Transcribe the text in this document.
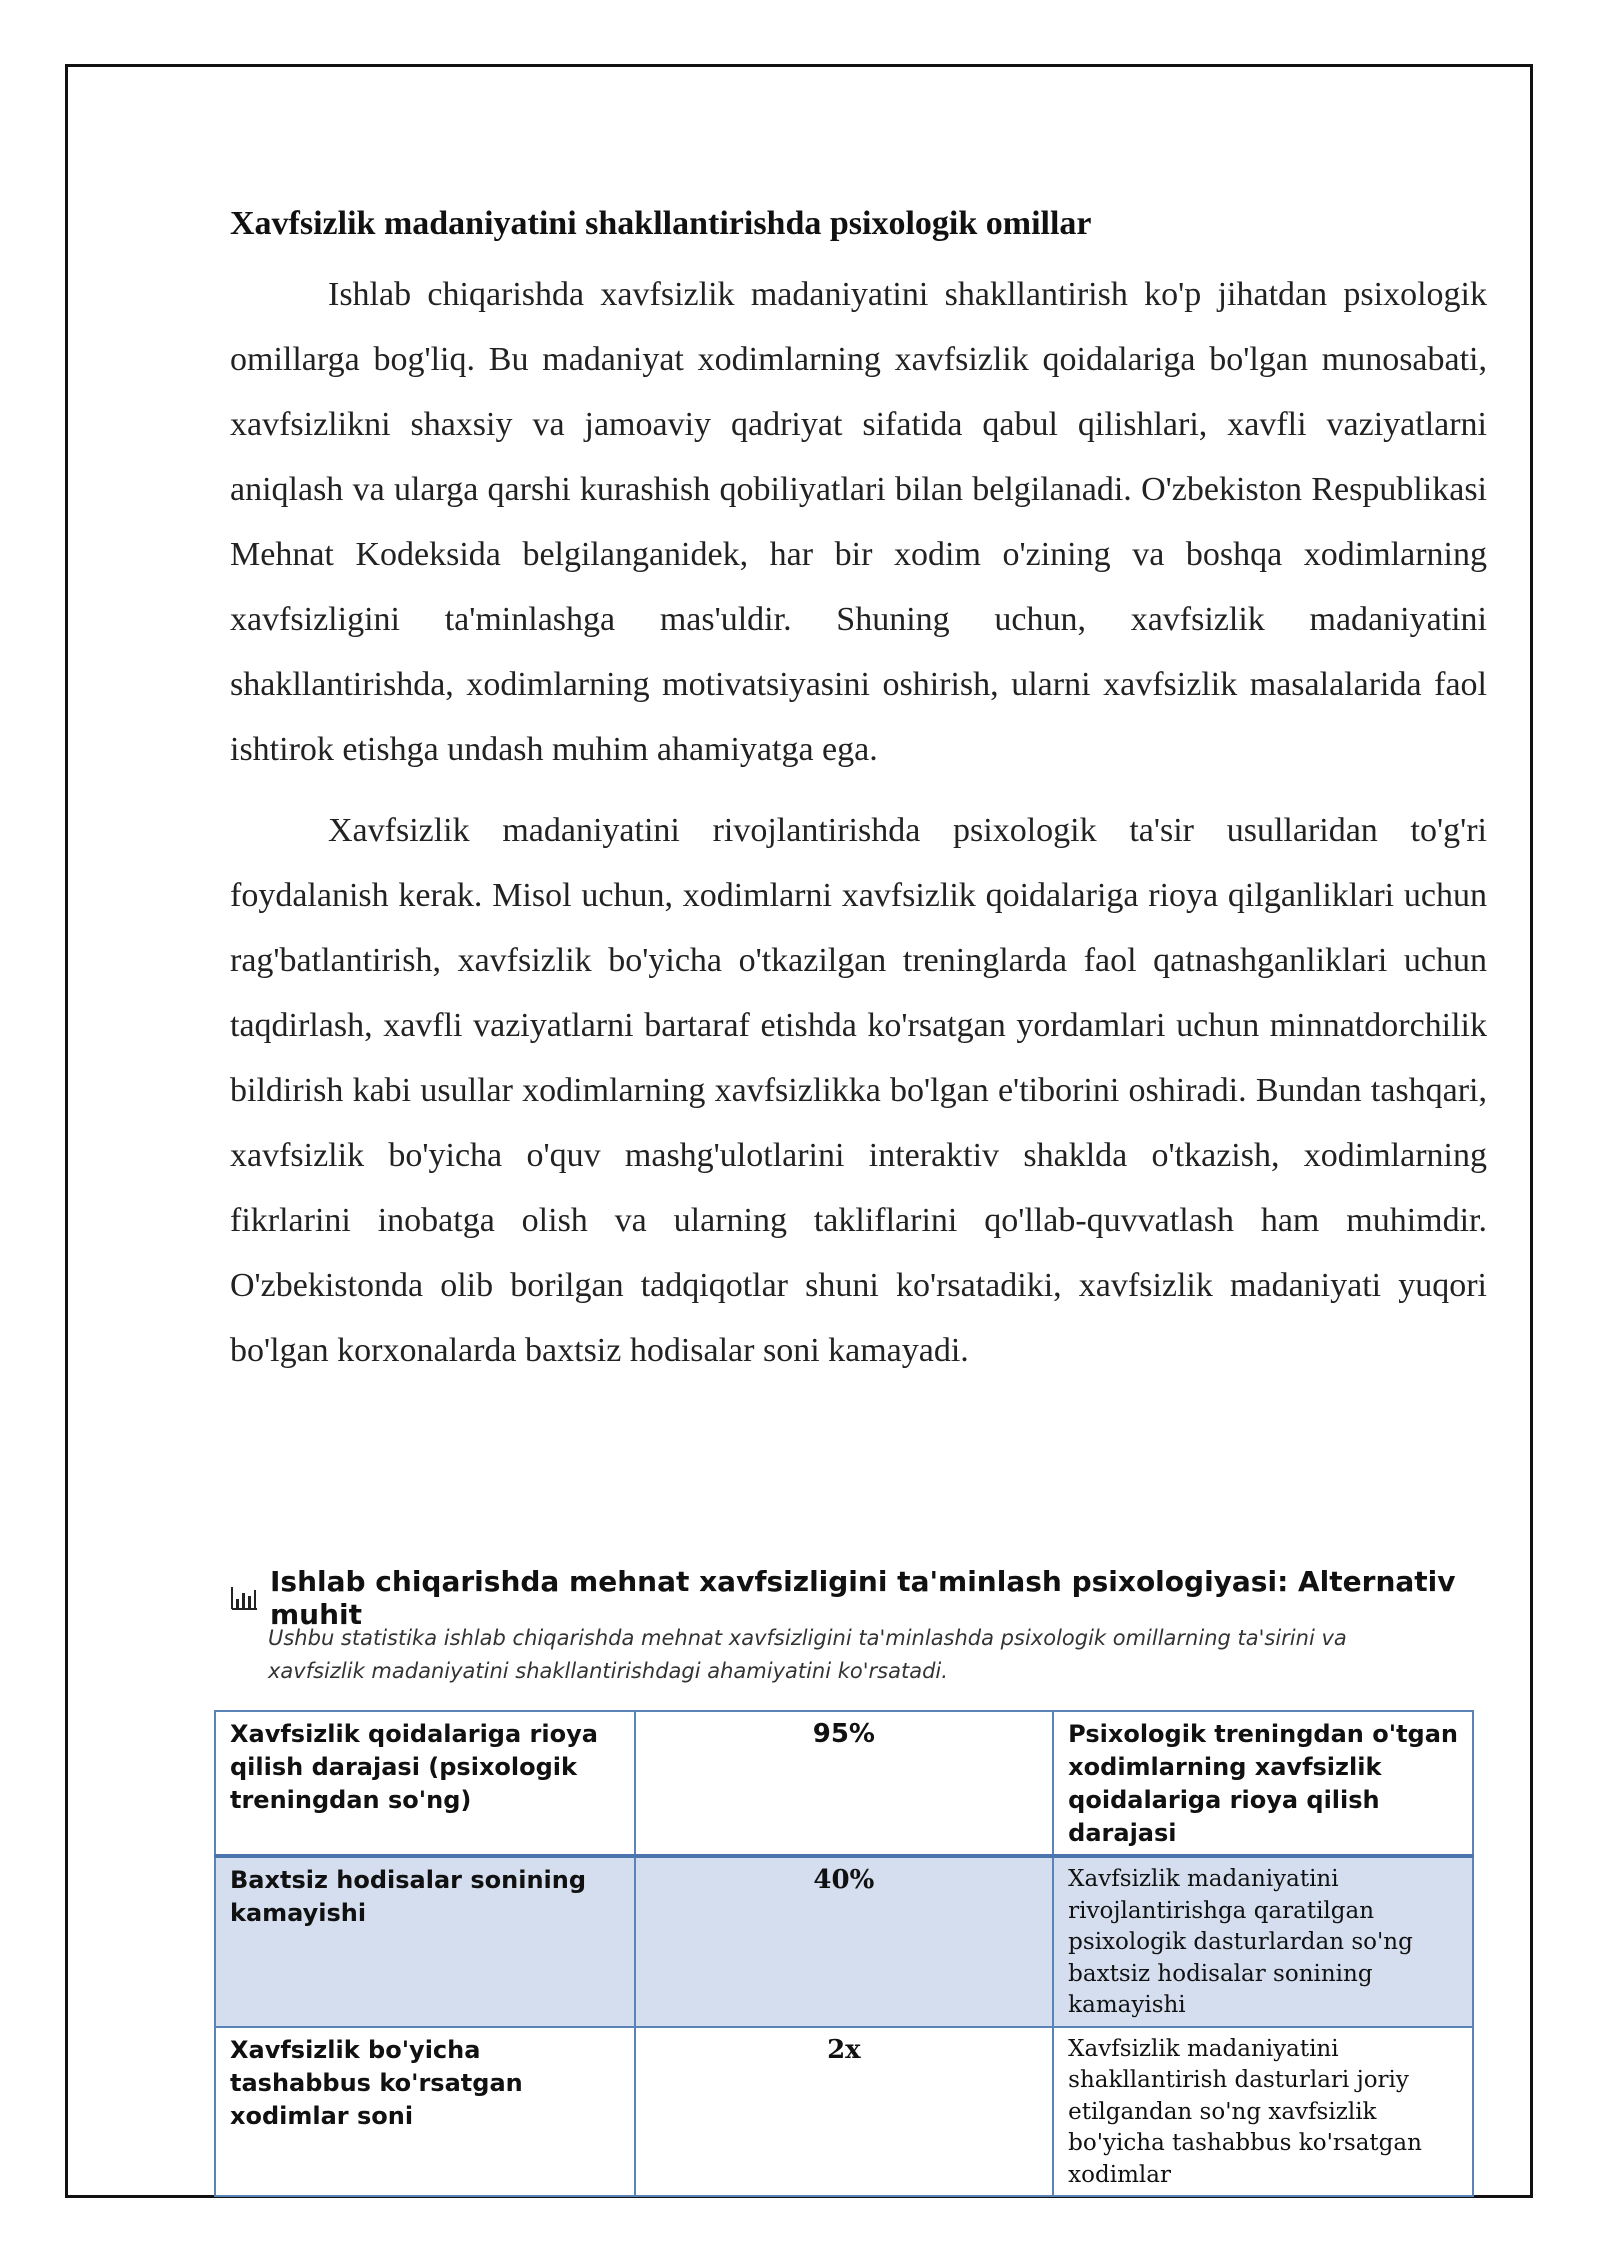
Xavfsizlik madaniyatini shakllantirishda psixologik omillar

Ishlab chiqarishda xavfsizlik madaniyatini shakllantirish ko'p jihatdan psixologik omillarga bog'liq. Bu madaniyat xodimlarning xavfsizlik qoidalariga bo'lgan munosabati, xavfsizlikni shaxsiy va jamoaviy qadriyat sifatida qabul qilishlari, xavfli vaziyatlarni aniqlash va ularga qarshi kurashish qobiliyatlari bilan belgilanadi. O'zbekiston Respublikasi Mehnat Kodeksida belgilanganidek, har bir xodim o'zining va boshqa xodimlarning xavfsizligini ta'minlashga mas'uldir. Shuning uchun, xavfsizlik madaniyatini shakllantirishda, xodimlarning motivatsiyasini oshirish, ularni xavfsizlik masalalarida faol ishtirok etishga undash muhim ahamiyatga ega.

Xavfsizlik madaniyatini rivojlantirishda psixologik ta'sir usullaridan to'g'ri foydalanish kerak. Misol uchun, xodimlarni xavfsizlik qoidalariga rioya qilganliklari uchun rag'batlantirish, xavfsizlik bo'yicha o'tkazilgan treninglarda faol qatnashganliklari uchun taqdirlash, xavfli vaziyatlarni bartaraf etishda ko'rsatgan yordamlari uchun minnatdorchilik bildirish kabi usullar xodimlarning xavfsizlikka bo'lgan e'tiborini oshiradi. Bundan tashqari, xavfsizlik bo'yicha o'quv mashg'ulotlarini interaktiv shaklda o'tkazish, xodimlarning fikrlarini inobatga olish va ularning takliflarini qo'llab-quvvatlash ham muhimdir. O'zbekistonda olib borilgan tadqiqotlar shuni ko'rsatadiki, xavfsizlik madaniyati yuqori bo'lgan korxonalarda baxtsiz hodisalar soni kamayadi.

Ishlab chiqarishda mehnat xavfsizligini ta'minlash psixologiyasi: Alternativ muhit
Ushbu statistika ishlab chiqarishda mehnat xavfsizligini ta'minlashda psixologik omillarning ta'sirini va xavfsizlik madaniyatini shakllantirishdagi ahamiyatini ko'rsatadi.
Xavfsizlik qoidalariga rioya qilish darajasi (psixologik treningdan so'ng)	95%	Psixologik treningdan o'tgan xodimlarning xavfsizlik qoidalariga rioya qilish darajasi
Baxtsiz hodisalar sonining kamayishi	40%	Xavfsizlik madaniyatini rivojlantirishga qaratilgan psixologik dasturlardan so'ng baxtsiz hodisalar sonining kamayishi
Xavfsizlik bo'yicha tashabbus ko'rsatgan xodimlar soni	2x	Xavfsizlik madaniyatini shakllantirish dasturlari joriy etilgandan so'ng xavfsizlik bo'yicha tashabbus ko'rsatgan xodimlar
